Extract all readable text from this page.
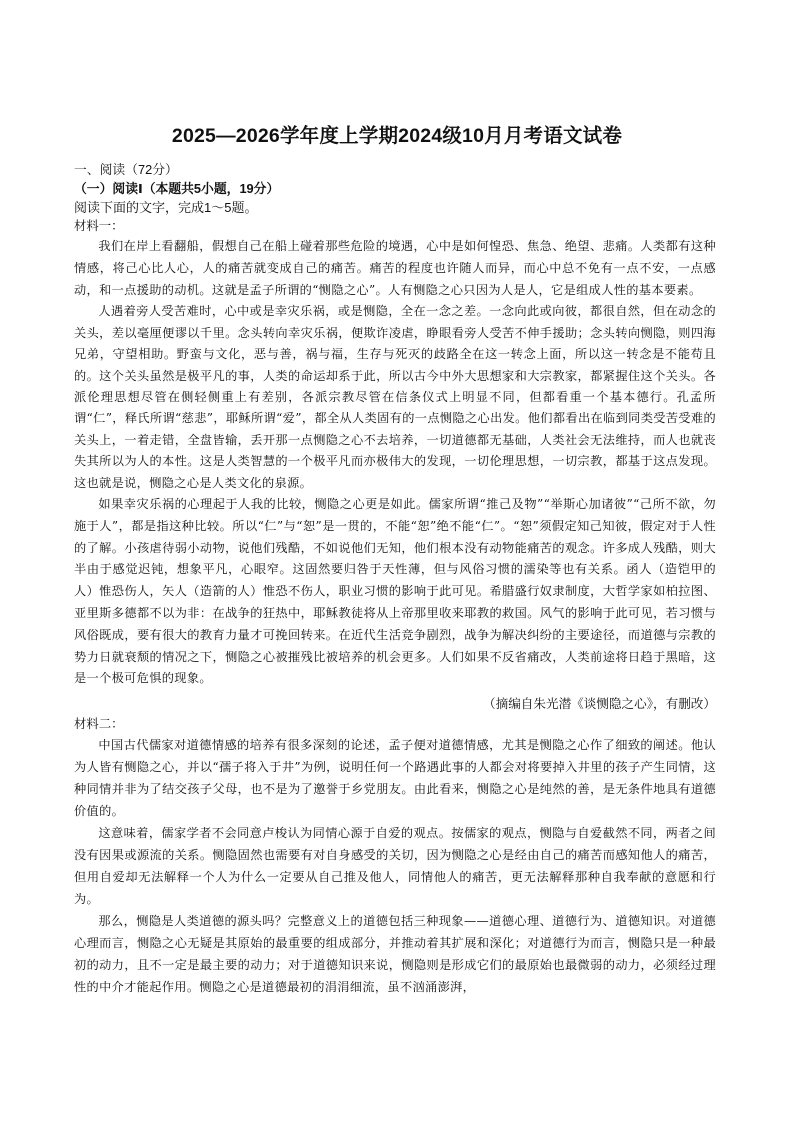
2025—2026学年度上学期2024级10月月考语文试卷
一、阅读（72分）
（一）阅读Ⅰ（本题共5小题，19分）
阅读下面的文字，完成1～5题。
材料一：

我们在岸上看翻船，假想自己在船上碰着那些危险的境遇，心中是如何惶恐、焦急、绝望、悲痛。人类都有这种情感，将己心比人心，人的痛苦就变成自己的痛苦。痛苦的程度也许随人而异，而心中总不免有一点不安，一点感动，和一点援助的动机。这就是孟子所谓的“恻隐之心”。人有恻隐之心只因为人是人，它是组成人性的基本要素。

人遇着旁人受苦难时，心中或是幸灾乐祸，或是恻隐，全在一念之差。一念向此或向彼，都很自然，但在动念的关头，差以毫厘便谬以千里。念头转向幸灾乐祸，便欺诈凌虐，睁眼看旁人受苦不伸手援助；念头转向恻隐，则四海兄弟，守望相助。野蛮与文化，恶与善，祸与福，生存与死灭的歧路全在这一转念上面，所以这一转念是不能苟且的。这个关头虽然是极平凡的事，人类的命运却系于此，所以古今中外大思想家和大宗教家，都紧握住这个关头。各派伦理思想尽管在侧轻侧重上有差别，各派宗教尽管在信条仪式上明显不同，但都看重一个基本德行。孔孟所谓“仁”，释氏所谓“慈悲”，耶稣所谓“爱”，都全从人类固有的一点恻隐之心出发。他们都看出在临到同类受苦受难的关头上，一着走错，全盘皆输，丢开那一点恻隐之心不去培养，一切道德都无基础，人类社会无法维持，而人也就丧失其所以为人的本性。这是人类智慧的一个极平凡而亦极伟大的发现，一切伦理思想，一切宗教，都基于这点发现。这也就是说，恻隐之心是人类文化的泉源。

如果幸灾乐祸的心理起于人我的比较，恻隐之心更是如此。儒家所谓“推己及物”“举斯心加诸彼”“己所不欲，勿施于人”，都是指这种比较。所以“仁”与“恕”是一贯的，不能“恕”绝不能“仁”。“恕”须假定知己知彼，假定对于人性的了解。小孩虐待弱小动物，说他们残酷，不如说他们无知，他们根本没有动物能痛苦的观念。许多成人残酷，则大半由于感觉迟钝，想象平凡，心眼窄。这固然要归咎于天性薄，但与风俗习惯的濡染等也有关系。函人（造铠甲的人）惟恐伤人，矢人（造箭的人）惟恐不伤人，职业习惯的影响于此可见。希腊盛行奴隶制度，大哲学家如柏拉图、亚里斯多德都不以为非：在战争的狂热中，耶稣教徒将从上帝那里收来耶教的救国。风气的影响于此可见，若习惯与风俗既成，要有很大的教育力量才可挽回转来。在近代生活竞争剧烈，战争为解决纠纷的主要途径，而道德与宗教的势力日就衰颓的情况之下，恻隐之心被摧残比被培养的机会更多。人们如果不反省痛改，人类前途将日趋于黑暗，这是一个极可危惧的现象。

（摘编自朱光潜《谈恻隐之心》，有删改）
材料二：

中国古代儒家对道德情感的培养有很多深刻的论述，孟子便对道德情感，尤其是恻隐之心作了细致的阐述。他认为人皆有恻隐之心，并以“孺子将入于井”为例，说明任何一个路遇此事的人都会对将要掉入井里的孩子产生同情，这种同情并非为了结交孩子父母，也不是为了邀誉于乡党朋友。由此看来，恻隐之心是纯然的善，是无条件地具有道德价值的。

这意味着，儒家学者不会同意卢梭认为同情心源于自爱的观点。按儒家的观点，恻隐与自爱截然不同，两者之间没有因果或源流的关系。恻隐固然也需要有对自身感受的关切，因为恻隐之心是经由自己的痛苦而感知他人的痛苦，但用自爱却无法解释一个人为什么一定要从自己推及他人，同情他人的痛苦，更无法解释那种自我奉献的意愿和行为。

那么，恻隐是人类道德的源头吗？完整意义上的道德包括三种现象——道德心理、道德行为、道德知识。对道德心理而言，恻隐之心无疑是其原始的最重要的组成部分，并推动着其扩展和深化；对道德行为而言，恻隐只是一种最初的动力，且不一定是最主要的动力；对于道德知识来说，恻隐则是形成它们的最原始也最微弱的动力，必须经过理性的中介才能起作用。恻隐之心是道德最初的涓涓细流，虽不汹涌澎湃，
